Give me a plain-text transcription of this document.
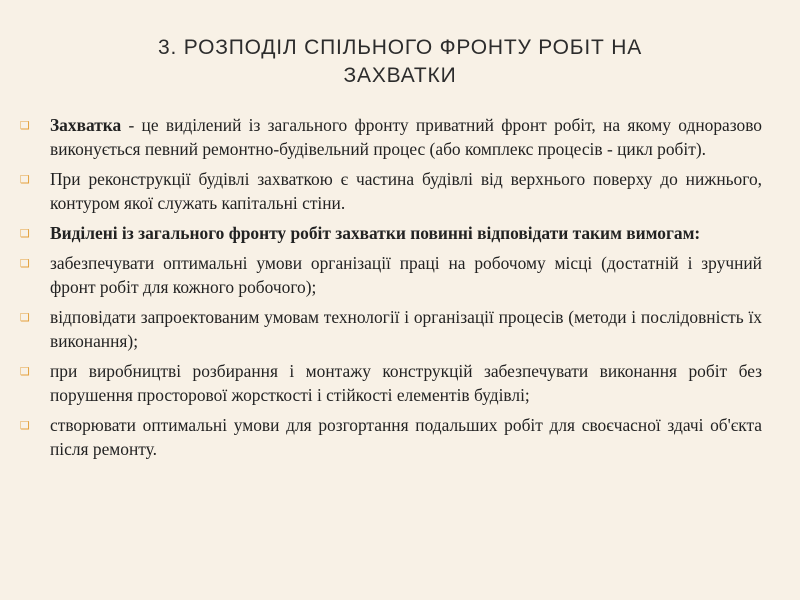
3. РОЗПОДІЛ СПІЛЬНОГО ФРОНТУ РОБІТ НА
ЗАХВАТКИ
❑	Захватка - це виділений із загального фронту приватний фронт робіт, на якому одноразово виконується певний ремонтно-будівельний процес (або комплекс процесів - цикл робіт).
❑	При реконструкції будівлі захваткою є частина будівлі від верхнього поверху до нижнього, контуром якої служать капітальні стіни.
❑	Виділені із загального фронту робіт захватки повинні відповідати таким вимогам:
❑	забезпечувати оптимальні умови організації праці на робочому місці (достатній і зручний фронт робіт для кожного робочого);
❑	відповідати запроектованим умовам технології і організації процесів (методи і послідовність їх виконання);
❑	при виробництві розбирання і монтажу конструкцій забезпечувати виконання робіт без порушення просторової жорсткості і стійкості елементів будівлі;
❑	створювати оптимальні умови для розгортання подальших робіт для своєчасної здачі об'єкта після ремонту.
